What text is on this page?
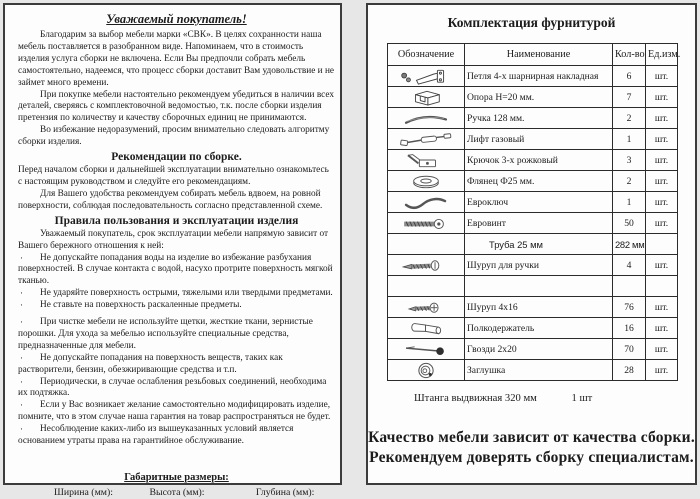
Уважаемый покупатель!

Благодарим за выбор мебели марки «СВК». В целях сохранности наша мебель поставляется в разобранном виде. Напоминаем, что в стоимость изделия услуга сборки не включена. Если Вы предпочли собрать мебель самостоятельно, надеемся, что процесс сборки доставит Вам удовольствие и не займет много времени.

При покупке мебели настоятельно рекомендуем убедиться в наличии всех деталей, сверяясь с комплектовочной ведомостью, т.к. после сборки изделия претензия по количеству и качеству сборочных единиц не принимаются.

Во избежание недоразумений, просим внимательно следовать алгоритму сборки изделия.

Рекомендации по сборке.

Перед началом сборки и дальнейшей эксплуатации внимательно ознакомьтесь с настоящим руководством и следуйте его рекомендациям.

Для Вашего удобства рекомендуем собирать мебель вдвоем, на ровной поверхности, соблюдая последовательность согласно представленной схеме.

Правила пользования и эксплуатации изделия

Уважаемый покупатель, срок эксплуатации мебели напрямую зависит от Вашего бережного отношения к ней:

· Не допускайте попадания воды на изделие во избежание разбухания поверхностей. В случае контакта с водой, насухо протрите поверхность мягкой тканью.

· Не ударяйте поверхность острыми, тяжелыми или твердыми предметами.

· Не ставьте на поверхность раскаленные предметы.

· При чистке мебели не используйте щетки, жесткие ткани, зернистые порошки. Для ухода за мебелью используйте специальные средства, предназначенные для мебели.

· Не допускайте попадания на поверхность веществ, таких как растворители, бензин, обезжиривающие средства и т.п.

· Периодически, в случае ослабления резьбовых соединений, необходима их подтяжка.

· Если у Вас возникает желание самостоятельно модифицировать изделие, помните, что в этом случае наша гарантия на товар распространяться не будет.

· Несоблюдение каких-либо из вышеуказанных условий является основанием утраты права на гарантийное обслуживание.

Габаритные размеры:
Ширина (мм):	Высота (мм):	Глубина (мм):
Комплектация фурнитурой
Обозначение	Наименование	Кол-во	Ед.изм.
	Петля 4-х шарнирная накладная	6	шт.
	Опора Н=20 мм.	7	шт.
	Ручка 128 мм.	2	шт.
	Лифт газовый	1	шт.
	Крючок 3-х рожковый	3	шт.
	Флянец Ф25 мм.	2	шт.
	Евроключ	1	шт.
	Евровинт	50	шт.
	Труба 25 мм	282 мм	
	Шуруп для ручки	4	шт.

	Шуруп 4х16	76	шт.
	Полкодержатель	16	шт.
	Гвозди 2х20	70	шт.
	Заглушка	28	шт.
Штанга выдвижная 320 мм	1 шт
Качество мебели зависит от качества сборки.
Рекомендуем доверять сборку специалистам.
